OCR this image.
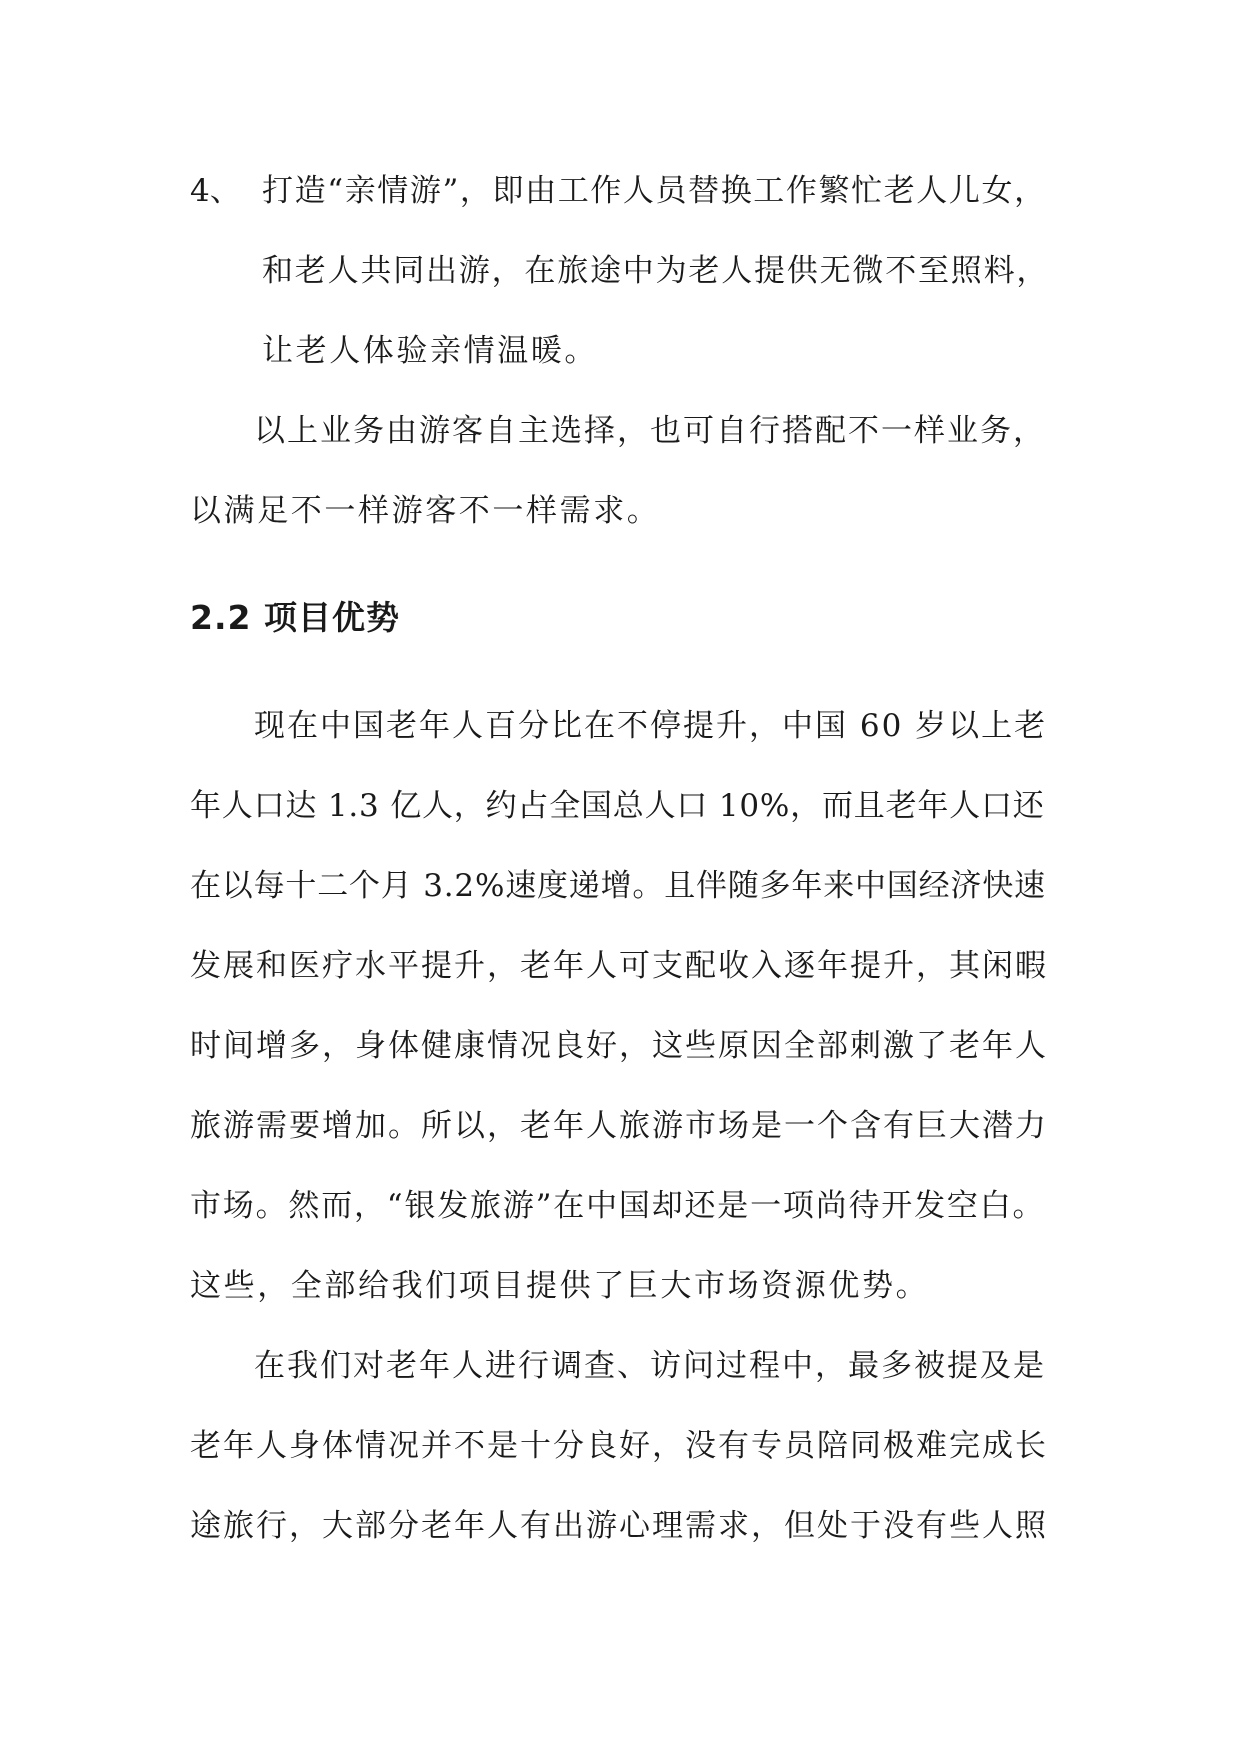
4、 打造“亲情游”，即由工作人员替换工作繁忙老人儿女，
和老人共同出游，在旅途中为老人提供无微不至照料，
让老人体验亲情温暖。
以上业务由游客自主选择，也可自行搭配不一样业务，
以满足不一样游客不一样需求。
2.2 项目优势
现在中国老年人百分比在不停提升，中国 60 岁以上老
年人口达 1.3 亿人，约占全国总人口 10%，而且老年人口还
在以每十二个月 3.2%速度递增。且伴随多年来中国经济快速
发展和医疗水平提升，老年人可支配收入逐年提升，其闲暇
时间增多，身体健康情况良好，这些原因全部刺激了老年人
旅游需要增加。所以，老年人旅游市场是一个含有巨大潜力
市场。然而，“银发旅游”在中国却还是一项尚待开发空白。
这些，全部给我们项目提供了巨大市场资源优势。
在我们对老年人进行调查、访问过程中，最多被提及是
老年人身体情况并不是十分良好，没有专员陪同极难完成长
途旅行，大部分老年人有出游心理需求，但处于没有些人照
